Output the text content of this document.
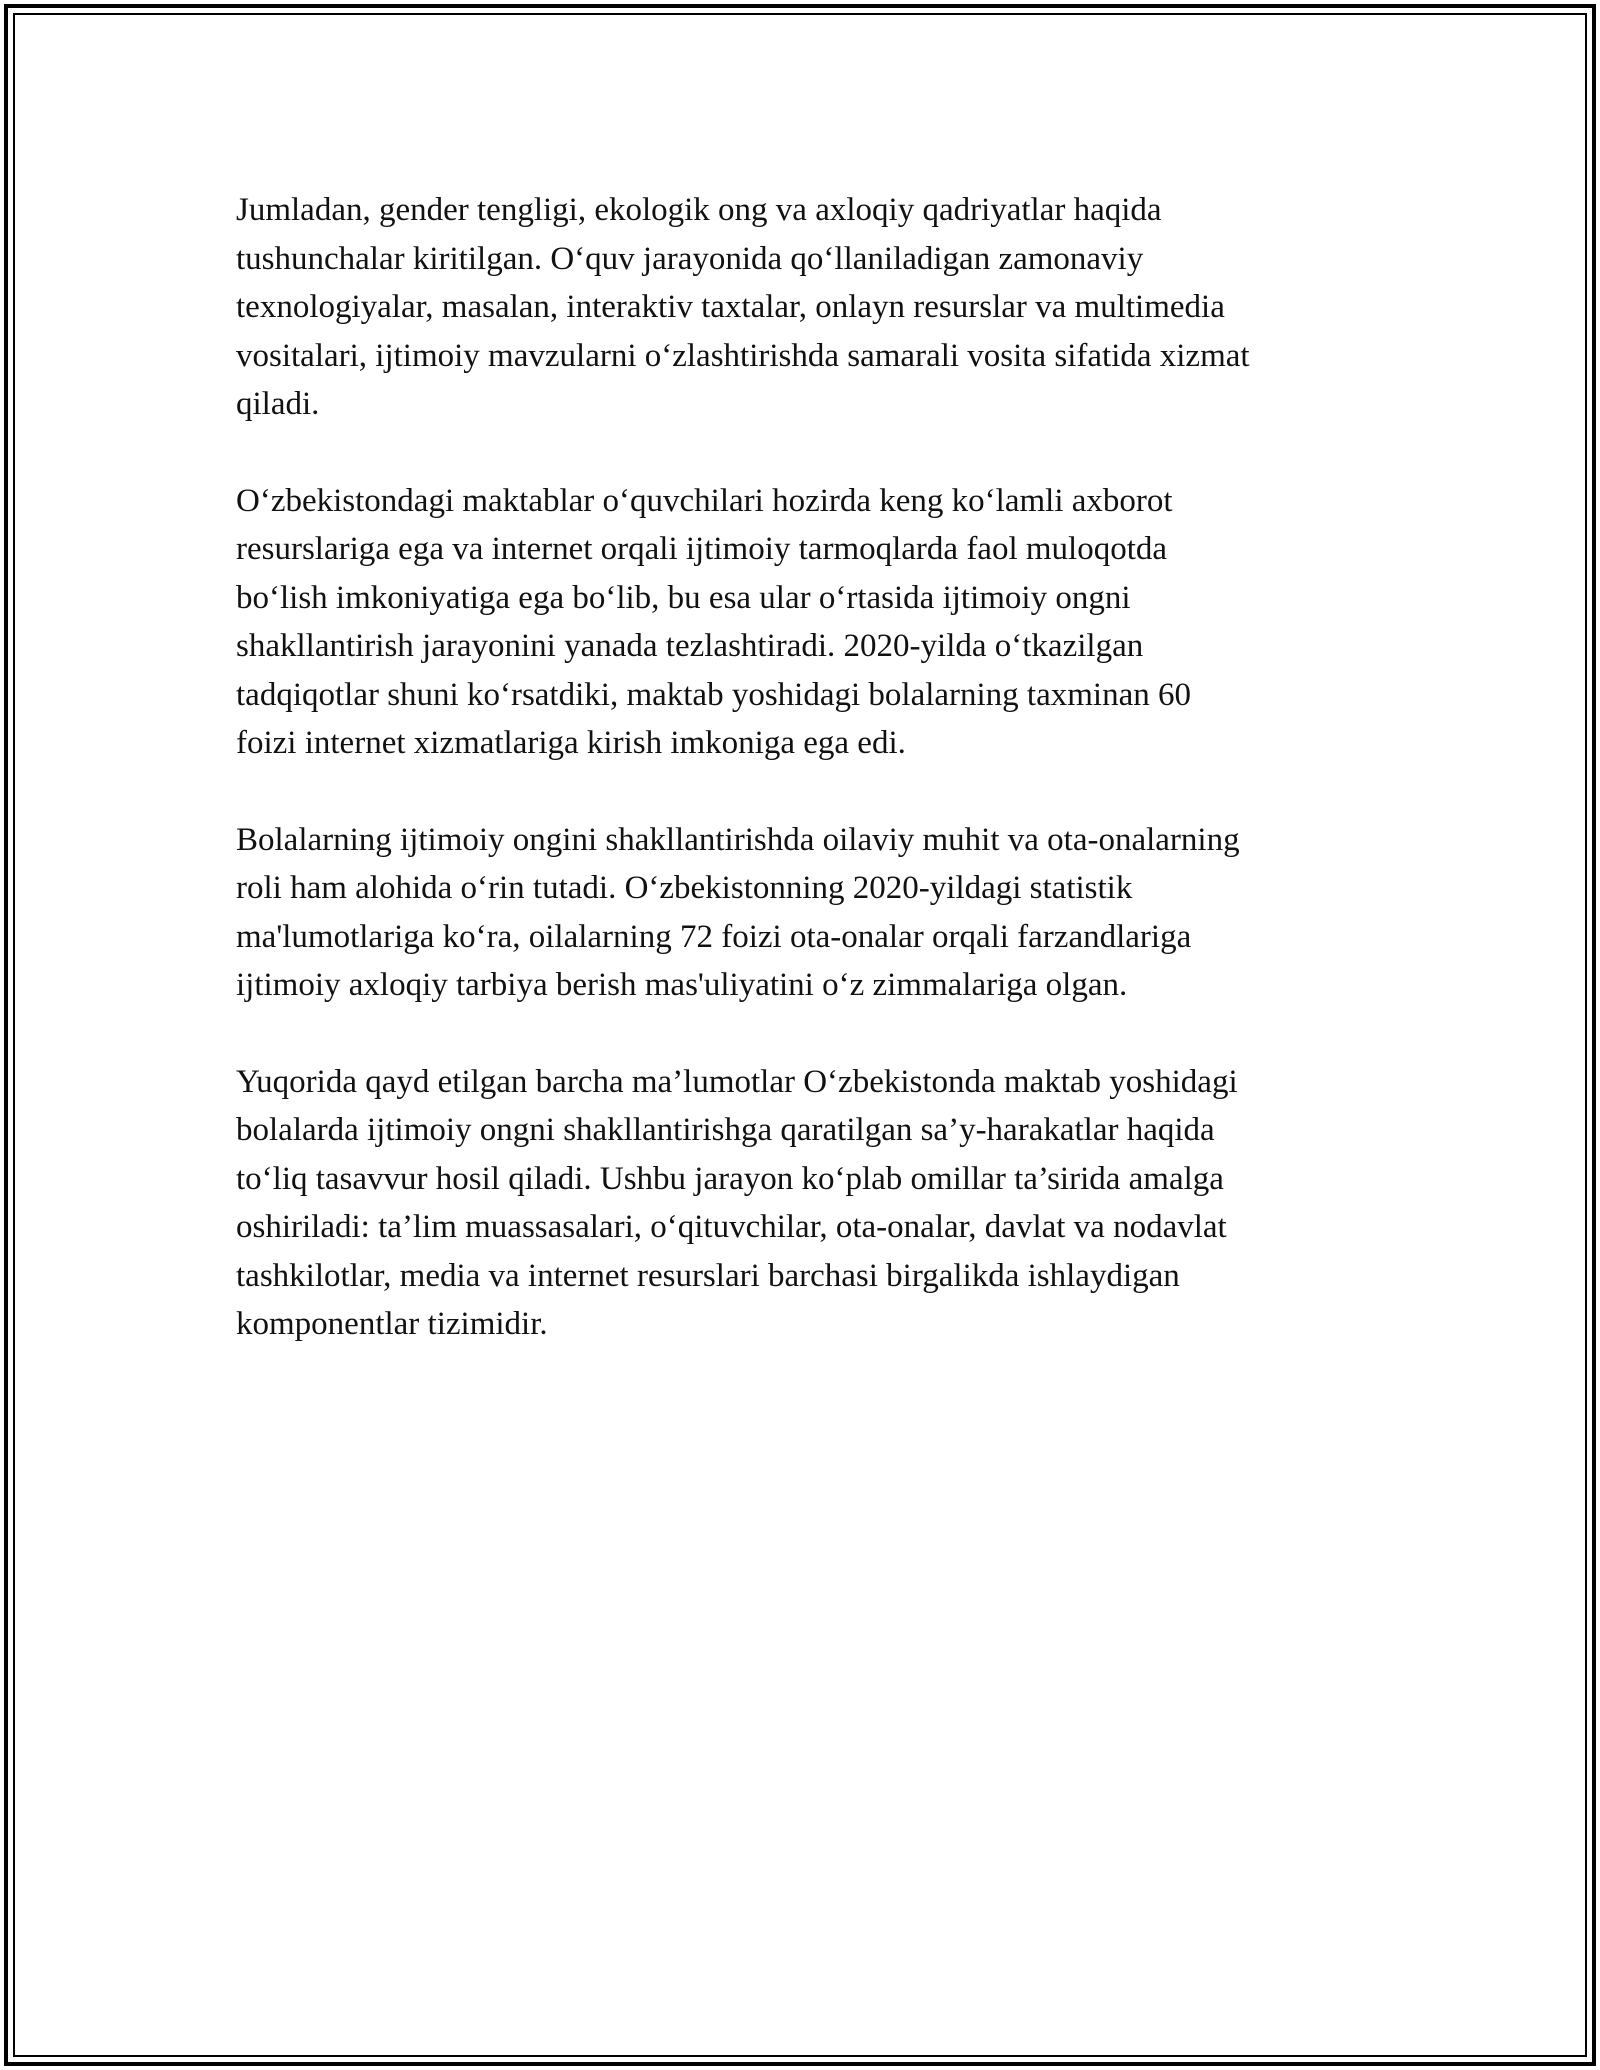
Jumladan, gender tengligi, ekologik ong va axloqiy qadriyatlar haqida
tushunchalar kiritilgan. O‘quv jarayonida qo‘llaniladigan zamonaviy
texnologiyalar, masalan, interaktiv taxtalar, onlayn resurslar va multimedia
vositalari, ijtimoiy mavzularni o‘zlashtirishda samarali vosita sifatida xizmat
qiladi.

O‘zbekistondagi maktablar o‘quvchilari hozirda keng ko‘lamli axborot
resurslariga ega va internet orqali ijtimoiy tarmoqlarda faol muloqotda
bo‘lish imkoniyatiga ega bo‘lib, bu esa ular o‘rtasida ijtimoiy ongni
shakllantirish jarayonini yanada tezlashtiradi. 2020-yilda o‘tkazilgan
tadqiqotlar shuni ko‘rsatdiki, maktab yoshidagi bolalarning taxminan 60
foizi internet xizmatlariga kirish imkoniga ega edi.

Bolalarning ijtimoiy ongini shakllantirishda oilaviy muhit va ota-onalarning
roli ham alohida o‘rin tutadi. O‘zbekistonning 2020-yildagi statistik
ma'lumotlariga ko‘ra, oilalarning 72 foizi ota-onalar orqali farzandlariga
ijtimoiy axloqiy tarbiya berish mas'uliyatini o‘z zimmalariga olgan.

Yuqorida qayd etilgan barcha ma’lumotlar O‘zbekistonda maktab yoshidagi
bolalarda ijtimoiy ongni shakllantirishga qaratilgan sa’y-harakatlar haqida
to‘liq tasavvur hosil qiladi. Ushbu jarayon ko‘plab omillar ta’sirida amalga
oshiriladi: ta’lim muassasalari, o‘qituvchilar, ota-onalar, davlat va nodavlat
tashkilotlar, media va internet resurslari barchasi birgalikda ishlaydigan
komponentlar tizimidir.
